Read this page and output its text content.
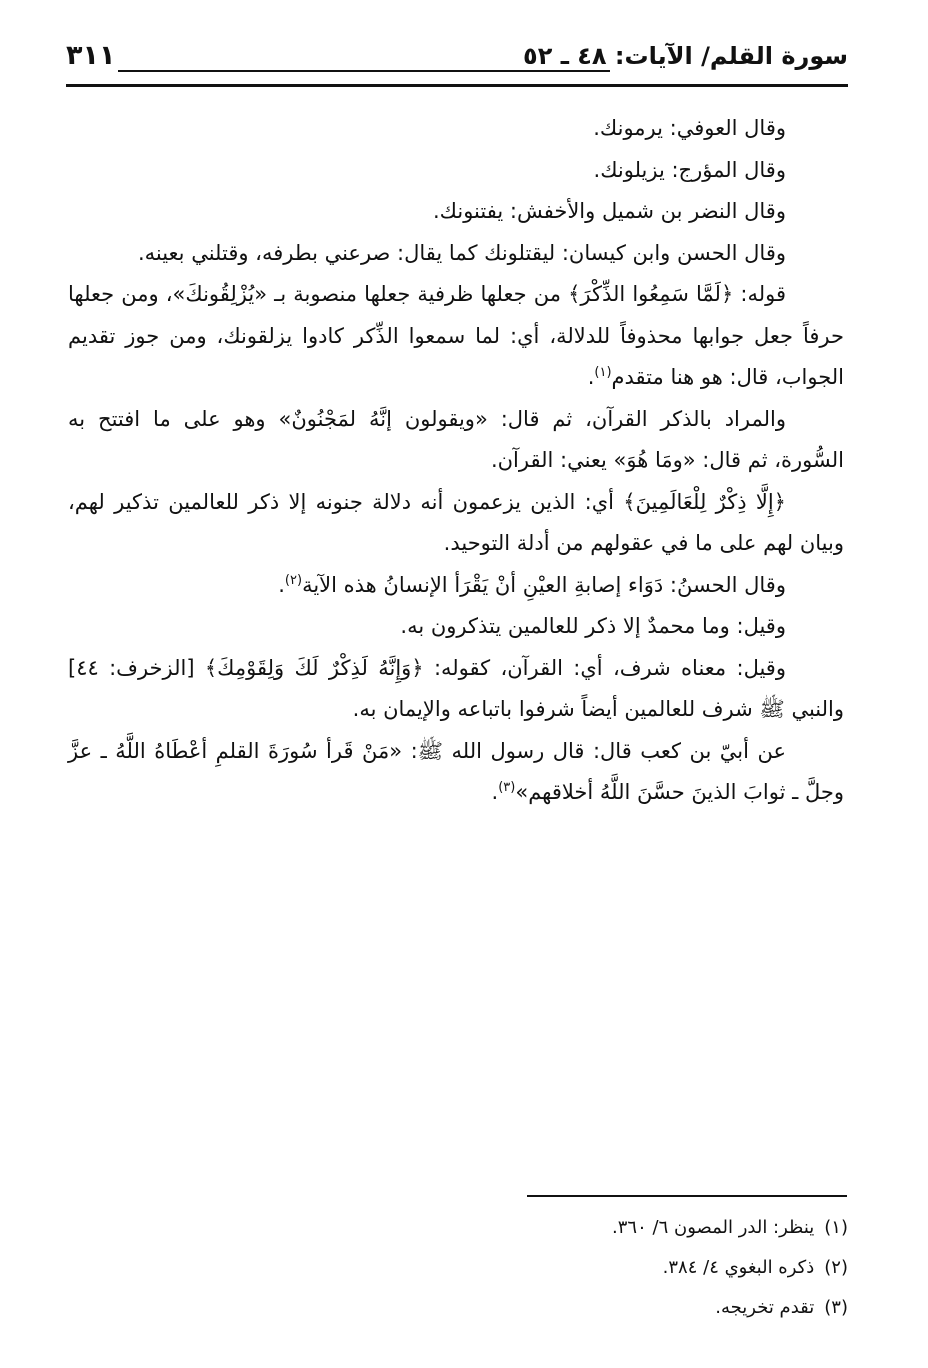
سورة القلم/ الآيات: ٤٨ ـ ٥٢
٣١١

وقال العوفي: يرمونك.

وقال المؤرج: يزيلونك.

وقال النضر بن شميل والأخفش: يفتنونك.

وقال الحسن وابن كيسان: ليقتلونك كما يقال: صرعني بطرفه، وقتلني بعينه.

قوله: ﴿لَمَّا سَمِعُوا الذِّكْرَ﴾ من جعلها ظرفية جعلها منصوبة بـ «يُزْلِقُونكَ»، ومن جعلها حرفاً جعل جوابها محذوفاً للدلالة، أي: لما سمعوا الذِّكر كادوا يزلقونك، ومن جوز تقديم الجواب، قال: هو هنا متقدم$^{(١)}$.

والمراد بالذكر القرآن، ثم قال: «ويقولون إنَّهُ لمَجْنُونٌ» وهو على ما افتتح به السُّورة، ثم قال: «ومَا هُوَ» يعني: القرآن.

﴿إِلَّا ذِكْرٌ لِلْعَالَمِينَ﴾ أي: الذين يزعمون أنه دلالة جنونه إلا ذكر للعالمين تذكير لهم، وبيان لهم على ما في عقولهم من أدلة التوحيد.

وقال الحسنُ: دَوَاء إصابةِ العيْنِ أنْ يَقْرَأ الإنسانُ هذه الآية$^{(٢)}$.

وقيل: وما محمدٌ إلا ذكر للعالمين يتذكرون به.

وقيل: معناه شرف، أي: القرآن، كقوله: ﴿وَإِنَّهُ لَذِكْرٌ لَكَ وَلِقَوْمِكَ﴾ [الزخرف: ٤٤] والنبي ﷺ شرف للعالمين أيضاً شرفوا باتباعه والإيمان به.

عن أبيّ بن كعب قال: قال رسول الله ﷺ: «مَنْ قَرأ سُورَةَ القلمِ أعْطَاهُ اللَّهُ ـ عزَّ وجلَّ ـ ثوابَ الذينَ حسَّنَ اللَّهُ أخلاقهم»$^{(٣)}$.

(١)ينظر: الدر المصون ٦/ ٣٦٠.

(٢)ذكره البغوي ٤/ ٣٨٤.

(٣)تقدم تخريجه.
